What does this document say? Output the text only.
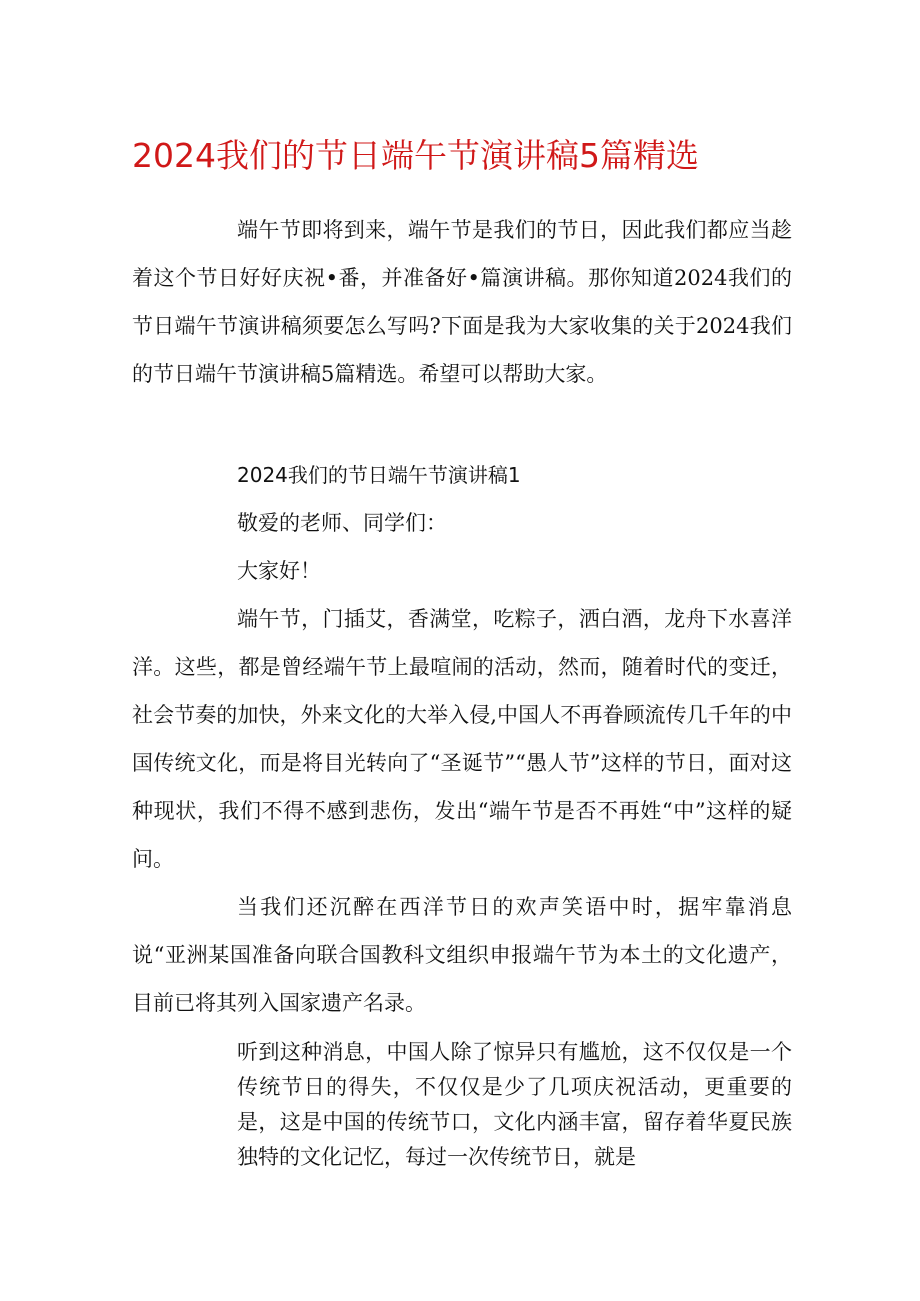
2024我们的节日端午节演讲稿5篇精选

端午节即将到来，端午节是我们的节日，因此我们都应当趁着这个节日好好庆祝•番，并准备好•篇演讲稿。那你知道2024我们的节日端午节演讲稿须要怎么写吗?下面是我为大家收集的关于2024我们的节日端午节演讲稿5篇精选。希望可以帮助大家。

2024我们的节日端午节演讲稿1
敬爱的老师、同学们：
大家好！

端午节，门插艾，香满堂，吃粽子，洒白酒，龙舟下水喜洋洋。这些，都是曾经端午节上最喧闹的活动，然而，随着时代的变迁，社会节奏的加快，外来文化的大举入侵,中国人不再眷顾流传几千年的中国传统文化，而是将目光转向了“圣诞节”“愚人节”这样的节日，面对这种现状，我们不得不感到悲伤，发出“端午节是否不再姓“中”这样的疑问。

当我们还沉醉在西洋节日的欢声笑语中时，据牢靠消息说“亚洲某国准备向联合国教科文组织申报端午节为本土的文化遗产，目前已将其列入国家遗产名录。

听到这种消息，中国人除了惊异只有尴尬，这不仅仅是一个传统节日的得失，不仅仅是少了几项庆祝活动，更重要的是，这是中国的传统节口，文化内涵丰富，留存着华夏民族独特的文化记忆，每过一次传统节日，就是
